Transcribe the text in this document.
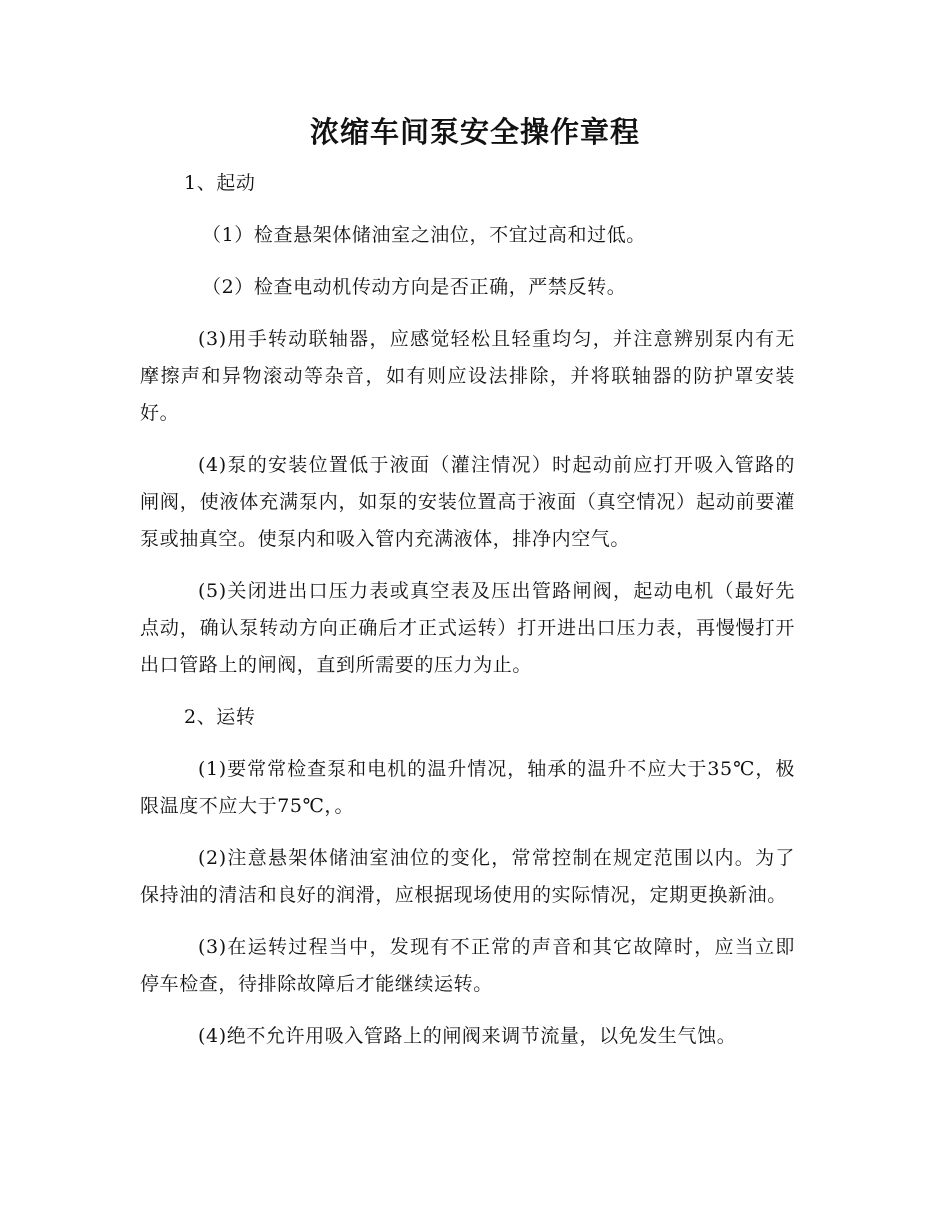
浓缩车间泵安全操作章程

1、起动

（1）检查悬架体储油室之油位，不宜过高和过低。

（2）检查电动机传动方向是否正确，严禁反转。

(3)用手转动联轴器，应感觉轻松且轻重均匀，并注意辨别泵内有无摩擦声和异物滚动等杂音，如有则应设法排除，并将联轴器的防护罩安装好。

(4)泵的安装位置低于液面（灌注情况）时起动前应打开吸入管路的闸阀，使液体充满泵内，如泵的安装位置高于液面（真空情况）起动前要灌泵或抽真空。使泵内和吸入管内充满液体，排净内空气。

(5)关闭进出口压力表或真空表及压出管路闸阀，起动电机（最好先点动，确认泵转动方向正确后才正式运转）打开进出口压力表，再慢慢打开出口管路上的闸阀，直到所需要的压力为止。

2、运转

(1)要常常检查泵和电机的温升情况，轴承的温升不应大于35℃，极限温度不应大于75℃，。

(2)注意悬架体储油室油位的变化，常常控制在规定范围以内。为了保持油的清洁和良好的润滑，应根据现场使用的实际情况，定期更换新油。

(3)在运转过程当中，发现有不正常的声音和其它故障时，应当立即停车检查，待排除故障后才能继续运转。

(4)绝不允许用吸入管路上的闸阀来调节流量，以免发生气蚀。
